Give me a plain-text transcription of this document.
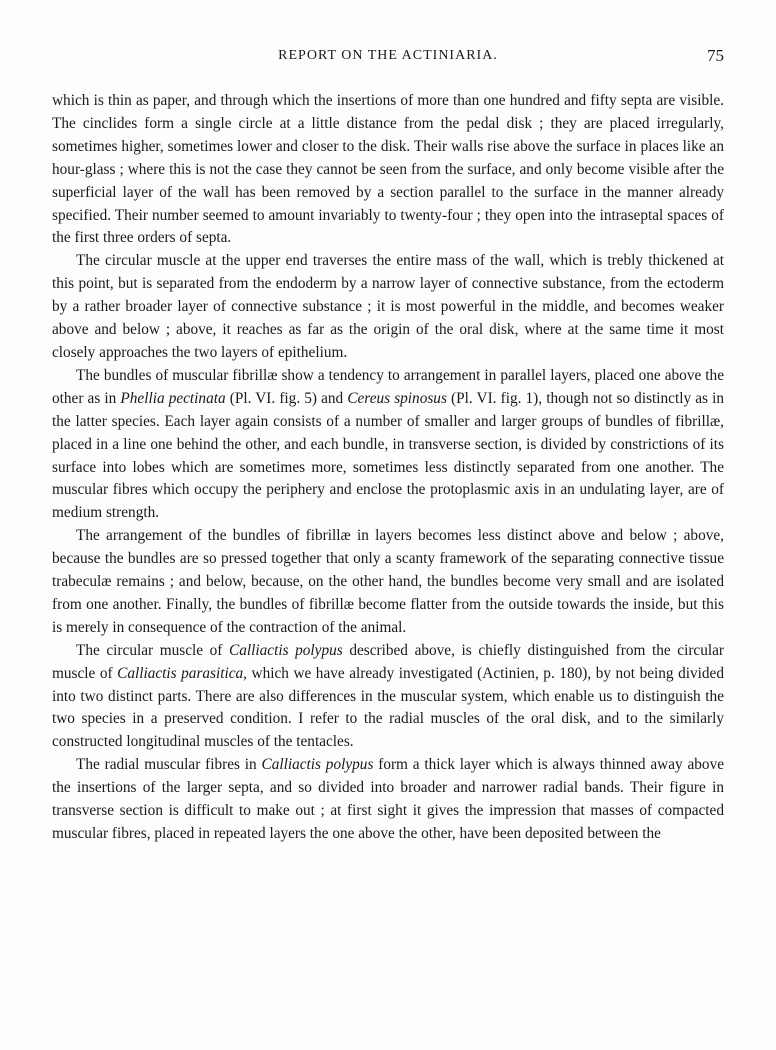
REPORT ON THE ACTINIARIA.	75

which is thin as paper, and through which the insertions of more than one hundred and fifty septa are visible. The cinclides form a single circle at a little distance from the pedal disk ; they are placed irregularly, sometimes higher, sometimes lower and closer to the disk. Their walls rise above the surface in places like an hour-glass ; where this is not the case they cannot be seen from the surface, and only become visible after the superficial layer of the wall has been removed by a section parallel to the surface in the manner already specified. Their number seemed to amount invariably to twenty-four ; they open into the intraseptal spaces of the first three orders of septa.

The circular muscle at the upper end traverses the entire mass of the wall, which is trebly thickened at this point, but is separated from the endoderm by a narrow layer of connective substance, from the ectoderm by a rather broader layer of connective substance ; it is most powerful in the middle, and becomes weaker above and below ; above, it reaches as far as the origin of the oral disk, where at the same time it most closely approaches the two layers of epithelium.

The bundles of muscular fibrillæ show a tendency to arrangement in parallel layers, placed one above the other as in Phellia pectinata (Pl. VI. fig. 5) and Cereus spinosus (Pl. VI. fig. 1), though not so distinctly as in the latter species. Each layer again consists of a number of smaller and larger groups of bundles of fibrillæ, placed in a line one behind the other, and each bundle, in transverse section, is divided by constrictions of its surface into lobes which are sometimes more, sometimes less distinctly separated from one another. The muscular fibres which occupy the periphery and enclose the protoplasmic axis in an undulating layer, are of medium strength.

The arrangement of the bundles of fibrillæ in layers becomes less distinct above and below ; above, because the bundles are so pressed together that only a scanty framework of the separating connective tissue trabeculæ remains ; and below, because, on the other hand, the bundles become very small and are isolated from one another. Finally, the bundles of fibrillæ become flatter from the outside towards the inside, but this is merely in consequence of the contraction of the animal.

The circular muscle of Calliactis polypus described above, is chiefly distinguished from the circular muscle of Calliactis parasitica, which we have already investigated (Actinien, p. 180), by not being divided into two distinct parts. There are also differences in the muscular system, which enable us to distinguish the two species in a preserved condition. I refer to the radial muscles of the oral disk, and to the similarly constructed longitudinal muscles of the tentacles.

The radial muscular fibres in Calliactis polypus form a thick layer which is always thinned away above the insertions of the larger septa, and so divided into broader and narrower radial bands. Their figure in transverse section is difficult to make out ; at first sight it gives the impression that masses of compacted muscular fibres, placed in repeated layers the one above the other, have been deposited between the
